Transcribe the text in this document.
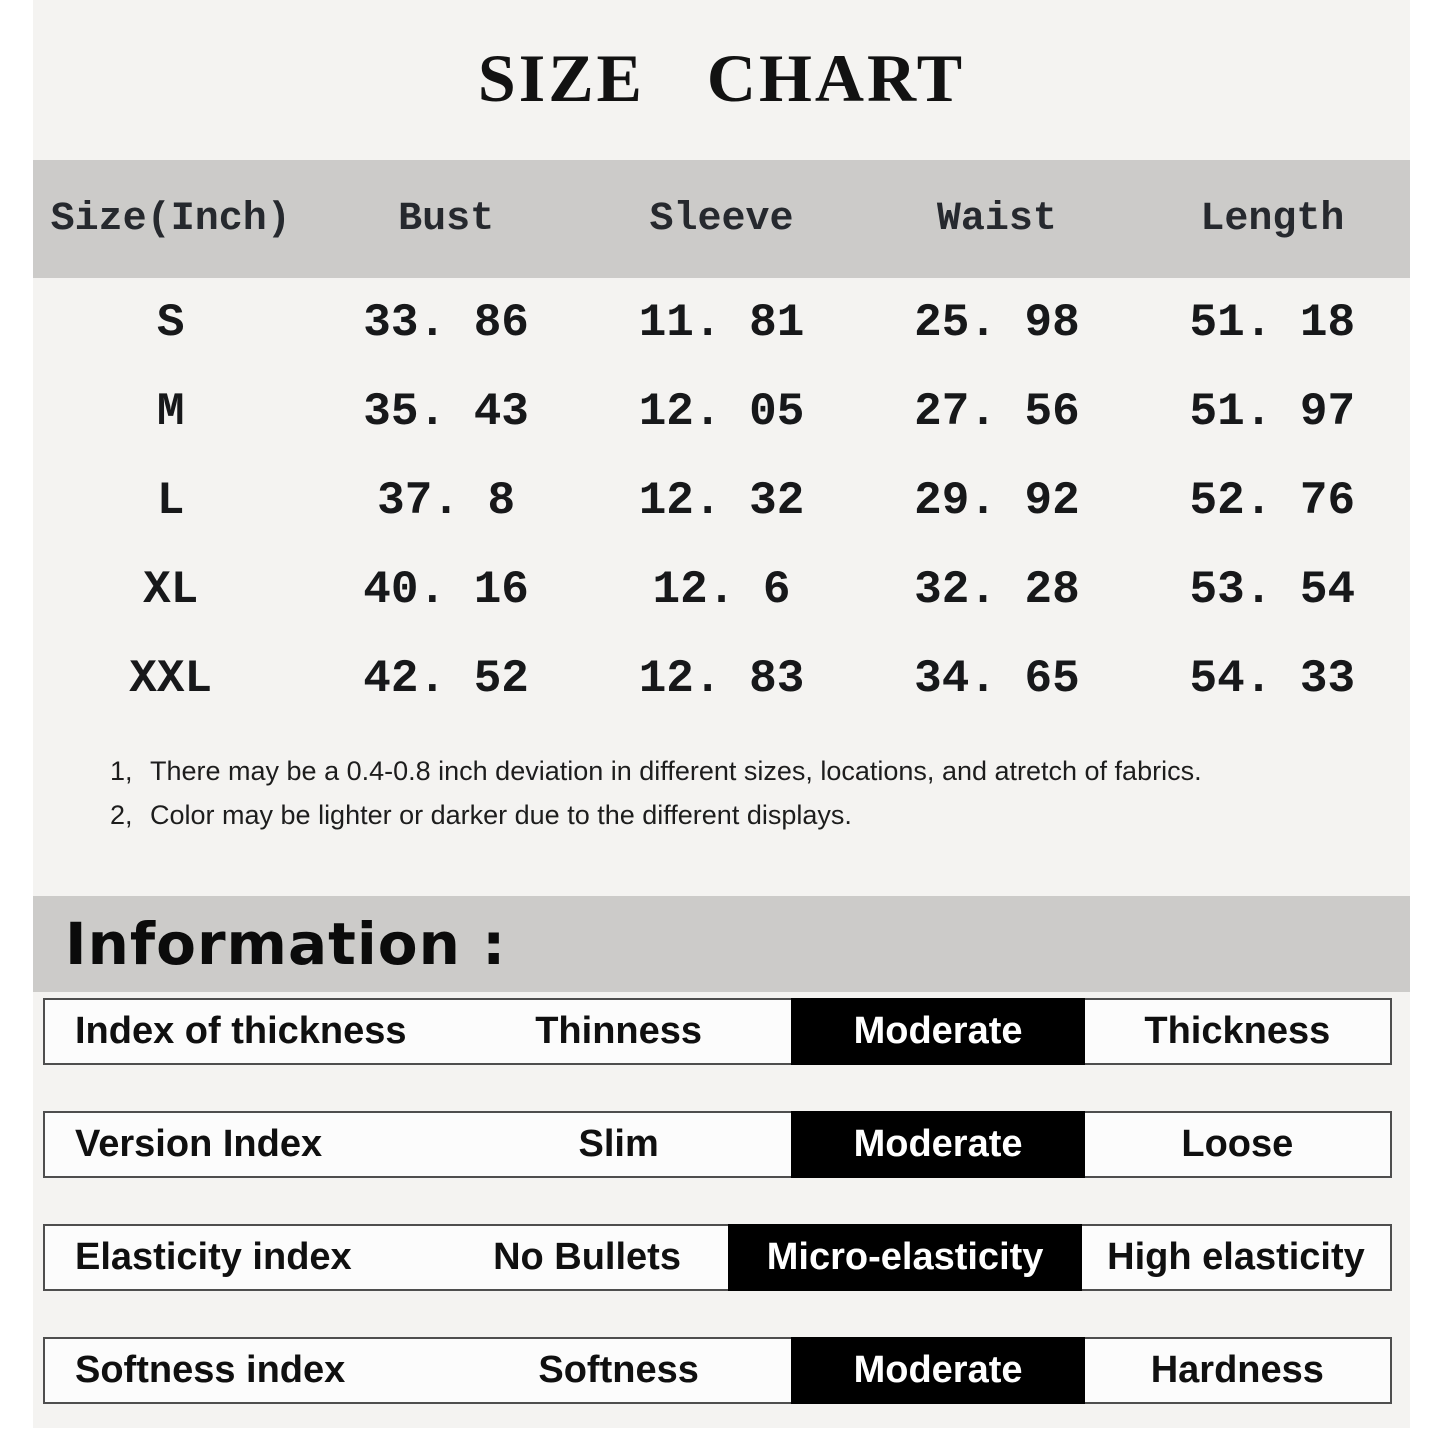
SIZE CHART
Size(Inch)	Bust	Sleeve	Waist	Length
S	33. 86	11. 81	25. 98	51. 18
M	35. 43	12. 05	27. 56	51. 97
L	37. 8	12. 32	29. 92	52. 76
XL	40. 16	12. 6	32. 28	53. 54
XXL	42. 52	12. 83	34. 65	54. 33
1, There may be a 0.4-0.8 inch deviation in different sizes, locations, and atretch of fabrics.
2, Color may be lighter or darker due to the different displays.
Information :
Index of thickness	Thinness	Moderate	Thickness
Version Index	Slim	Moderate	Loose
Elasticity index	No Bullets	Micro-elasticity	High elasticity
Softness index	Softness	Moderate	Hardness
